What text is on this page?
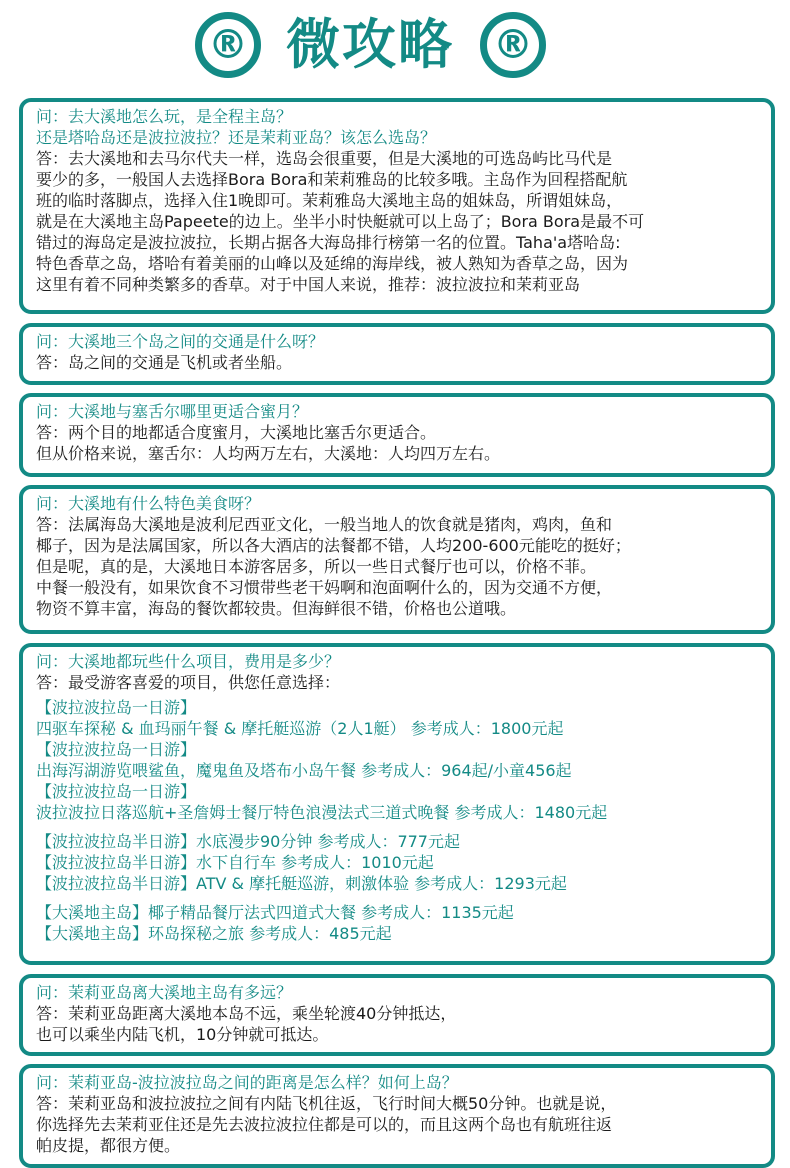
® 微攻略 ®
问：去大溪地怎么玩，是全程主岛？
还是塔哈岛还是波拉波拉？还是茉莉亚岛？该怎么选岛？
答：去大溪地和去马尔代夫一样，选岛会很重要，但是大溪地的可选岛屿比马代是
要少的多，一般国人去选择Bora Bora和茉莉雅岛的比较多哦。主岛作为回程搭配航
班的临时落脚点，选择入住1晚即可。茉莉雅岛大溪地主岛的姐妹岛，所谓姐妹岛，
就是在大溪地主岛Papeete的边上。坐半小时快艇就可以上岛了；Bora Bora是最不可
错过的海岛定是波拉波拉，长期占据各大海岛排行榜第一名的位置。Taha'a塔哈岛:
特色香草之岛，塔哈有着美丽的山峰以及延绵的海岸线，被人熟知为香草之岛，因为
这里有着不同种类繁多的香草。对于中国人来说，推荐：波拉波拉和茉莉亚岛
问：大溪地三个岛之间的交通是什么呀？
答：岛之间的交通是飞机或者坐船。
问：大溪地与塞舌尔哪里更适合蜜月？
答：两个目的地都适合度蜜月，大溪地比塞舌尔更适合。
但从价格来说，塞舌尔：人均两万左右，大溪地：人均四万左右。
问：大溪地有什么特色美食呀？
答：法属海岛大溪地是波利尼西亚文化，一般当地人的饮食就是猪肉，鸡肉，鱼和
椰子，因为是法属国家，所以各大酒店的法餐都不错，人均200-600元能吃的挺好；
但是呢，真的是，大溪地日本游客居多，所以一些日式餐厅也可以，价格不菲。
中餐一般没有，如果饮食不习惯带些老干妈啊和泡面啊什么的，因为交通不方便，
物资不算丰富，海岛的餐饮都较贵。但海鲜很不错，价格也公道哦。
问：大溪地都玩些什么项目，费用是多少？
答：最受游客喜爱的项目，供您任意选择：
【波拉波拉岛一日游】
四驱车探秘 & 血玛丽午餐 & 摩托艇巡游（2人1艇） 参考成人：1800元起
【波拉波拉岛一日游】
出海泻湖游览喂鲨鱼，魔鬼鱼及塔布小岛午餐 参考成人：964起/小童456起
【波拉波拉岛一日游】
波拉波拉日落巡航+圣詹姆士餐厅特色浪漫法式三道式晚餐 参考成人：1480元起
【波拉波拉岛半日游】水底漫步90分钟 参考成人：777元起
【波拉波拉岛半日游】水下自行车 参考成人：1010元起
【波拉波拉岛半日游】ATV & 摩托艇巡游，刺激体验 参考成人：1293元起
【大溪地主岛】椰子精品餐厅法式四道式大餐 参考成人：1135元起
【大溪地主岛】环岛探秘之旅 参考成人：485元起
问：茉莉亚岛离大溪地主岛有多远？
答：茉莉亚岛距离大溪地本岛不远，乘坐轮渡40分钟抵达，
也可以乘坐内陆飞机，10分钟就可抵达。
问：茉莉亚岛-波拉波拉岛之间的距离是怎么样？如何上岛？
答：茉莉亚岛和波拉波拉之间有内陆飞机往返，飞行时间大概50分钟。也就是说，
你选择先去茉莉亚住还是先去波拉波拉住都是可以的，而且这两个岛也有航班往返
帕皮提，都很方便。
